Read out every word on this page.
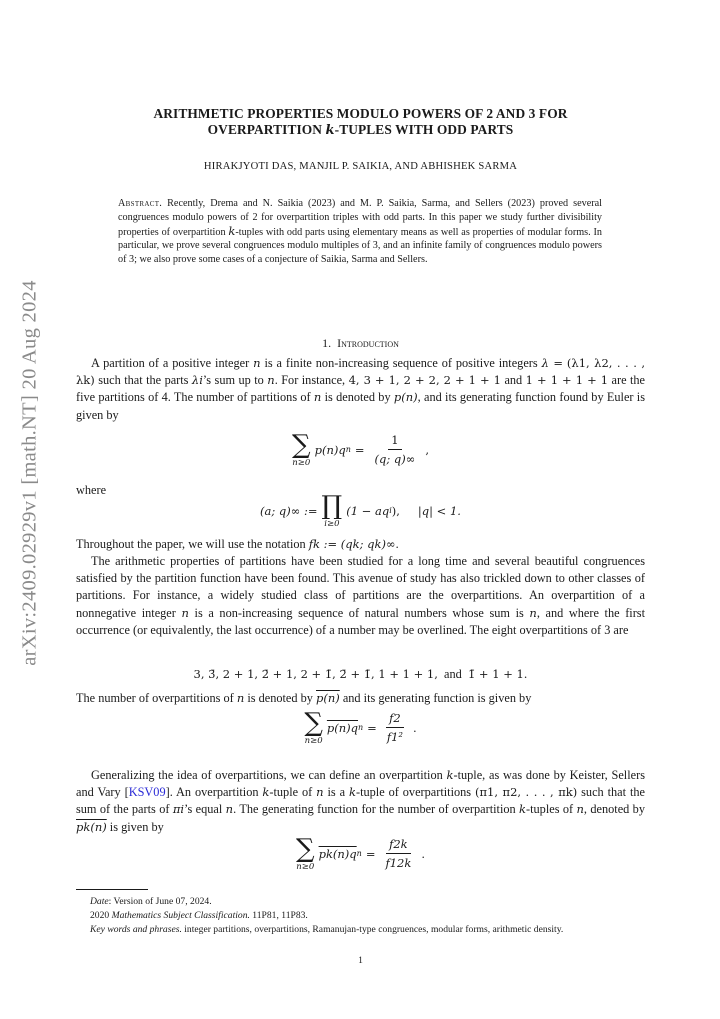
arXiv:2409.02929v1 [math.NT] 20 Aug 2024
ARITHMETIC PROPERTIES MODULO POWERS OF 2 AND 3 FOR
OVERPARTITION k-TUPLES WITH ODD PARTS
HIRAKJYOTI DAS, MANJIL P. SAIKIA, AND ABHISHEK SARMA
Abstract. Recently, Drema and N. Saikia (2023) and M. P. Saikia, Sarma, and Sellers (2023) proved several congruences modulo powers of 2 for overpartition triples with odd parts. In this paper we study further divisibility properties of overpartition k-tuples with odd parts using elementary means as well as properties of modular forms. In particular, we prove several congruences modulo multiples of 3, and an infinite family of congruences modulo powers of 3; we also prove some cases of a conjecture of Saikia, Sarma and Sellers.
1. Introduction
A partition of a positive integer n is a finite non-increasing sequence of positive integers λ = (λ1, λ2, . . . , λk) such that the parts λi’s sum up to n. For instance, 4, 3 + 1, 2 + 2, 2 + 1 + 1 and 1 + 1 + 1 + 1 are the five partitions of 4. The number of partitions of n is denoted by p(n), and its generating function found by Euler is given by
∑
n≥0
p(n)q $n = \frac{1}{(q; q)\infty}$ ,
where
(a; q)∞ := ∏
i≥0
(1 − aq i ), |q| < 1.
Throughout the paper, we will use the notation fk := (qk; qk)∞.
The arithmetic properties of partitions have been studied for a long time and several beautiful congruences satisfied by the partition function have been found. This avenue of study has also trickled down to other classes of partitions. For instance, a widely studied class of partitions are the overpartitions. An overpartition of a nonnegative integer n is a non-increasing sequence of natural numbers whose sum is n, and where the first occurrence (or equivalently, the last occurrence) of a number may be overlined. The eight overpartitions of 3 are
3, 3̄, 2 + 1, 2̄ + 1, 2 + 1̄, 2̄ + 1̄, 1 + 1 + 1, and 1̄ + 1 + 1.
The number of overpartitions of n is denoted by p(n) and its generating function is given by
∑
n≥0
p(n)q $n = \frac{f2}{\text{f1²}}$ .
Generalizing the idea of overpartitions, we can define an overpartition k-tuple, as was done by Keister, Sellers and Vary [KSV09]. An overpartition k-tuple of n is a k-tuple of overpartitions (π1, π2, . . . , πk) such that the sum of the parts of πi’s equal n. The generating function for the number of overpartition k-tuples of n, denoted by pk(n) is given by
∑
n≥0
pk(n)q $n = \frac{f2k}{f12k}$ .
Date: Version of June 07, 2024.
2020 Mathematics Subject Classification. 11P81, 11P83.
Key words and phrases. integer partitions, overpartitions, Ramanujan-type congruences, modular forms, arithmetic density.
1
